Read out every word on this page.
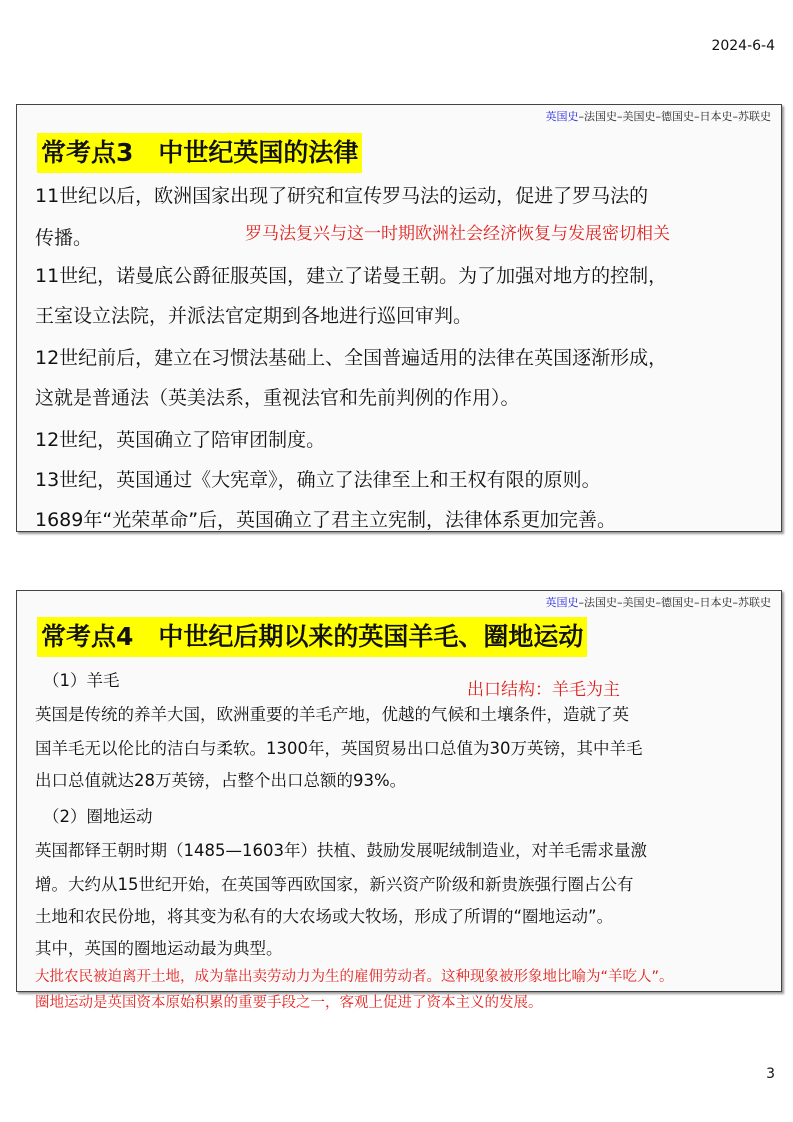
2024-6-4
英国史–法国史–美国史–德国史–日本史–苏联史
常考点3　中世纪英国的法律
11世纪以后，欧洲国家出现了研究和宣传罗马法的运动，促进了罗马法的
传播。	罗马法复兴与这一时期欧洲社会经济恢复与发展密切相关
11世纪，诺曼底公爵征服英国，建立了诺曼王朝。为了加强对地方的控制，
王室设立法院，并派法官定期到各地进行巡回审判。
12世纪前后，建立在习惯法基础上、全国普遍适用的法律在英国逐渐形成，
这就是普通法（英美法系，重视法官和先前判例的作用）。
12世纪，英国确立了陪审团制度。
13世纪，英国通过《大宪章》，确立了法律至上和王权有限的原则。
1689年“光荣革命”后，英国确立了君主立宪制，法律体系更加完善。
英国史–法国史–美国史–德国史–日本史–苏联史
常考点4　中世纪后期以来的英国羊毛、圈地运动
（1）羊毛	出口结构：羊毛为主
英国是传统的养羊大国，欧洲重要的羊毛产地，优越的气候和土壤条件，造就了英
国羊毛无以伦比的洁白与柔软。1300年，英国贸易出口总值为30万英镑，其中羊毛
出口总值就达28万英镑，占整个出口总额的93%。
（2）圈地运动
英国都铎王朝时期（1485—1603年）扶植、鼓励发展呢绒制造业，对羊毛需求量激
增。大约从15世纪开始，在英国等西欧国家，新兴资产阶级和新贵族强行圈占公有
土地和农民份地，将其变为私有的大农场或大牧场，形成了所谓的“圈地运动”。
其中，英国的圈地运动最为典型。
大批农民被迫离开土地，成为靠出卖劳动力为生的雇佣劳动者。这种现象被形象地比喻为“羊吃人”。
圈地运动是英国资本原始积累的重要手段之一，客观上促进了资本主义的发展。
3
